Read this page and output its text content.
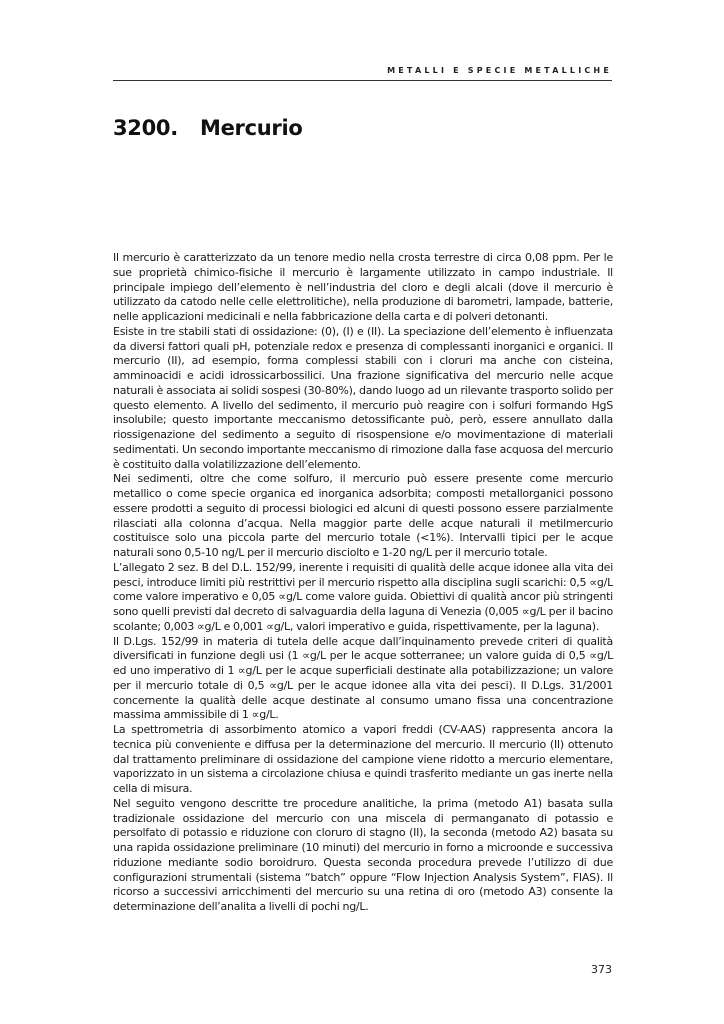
METALLI E SPECIE METALLICHE
3200. Mercurio

Il mercurio è caratterizzato da un tenore medio nella crosta terrestre di circa 0,08 ppm. Per le sue proprietà chimico-fisiche il mercurio è largamente utilizzato in campo industriale. Il principale impiego dell’elemento è nell’industria del cloro e degli alcali (dove il mercurio è utilizzato da catodo nelle celle elettrolitiche), nella produzione di barometri, lampade, batterie, nelle applicazioni medicinali e nella fabbricazione della carta e di polveri detonanti.

Esiste in tre stabili stati di ossidazione: (0), (I) e (II). La speciazione dell’elemento è influenzata da diversi fattori quali pH, potenziale redox e presenza di complessanti inorganici e organici. Il mercurio (II), ad esempio, forma complessi stabili con i cloruri ma anche con cisteina, amminoacidi e acidi idrossicarbossilici. Una frazione significativa del mercurio nelle acque naturali è associata ai solidi sospesi (30-80%), dando luogo ad un rilevante trasporto solido per questo elemento. A livello del sedimento, il mercurio può reagire con i solfuri formando HgS insolubile; questo importante meccanismo detossificante può, però, essere annullato dalla riossigenazione del sedimento a seguito di risospensione e/o movimentazione di materiali sedimentati. Un secondo importante meccanismo di rimozione dalla fase acquosa del mercurio è costituito dalla volatilizzazione dell’elemento.

Nei sedimenti, oltre che come solfuro, il mercurio può essere presente come mercurio metallico o come specie organica ed inorganica adsorbita; composti metallorganici possono essere prodotti a seguito di processi biologici ed alcuni di questi possono essere parzialmente rilasciati alla colonna d’acqua. Nella maggior parte delle acque naturali il metilmercurio costituisce solo una piccola parte del mercurio totale (<1%). Intervalli tipici per le acque naturali sono 0,5-10 ng/L per il mercurio disciolto e 1-20 ng/L per il mercurio totale.

L’allegato 2 sez. B del D.L. 152/99, inerente i requisiti di qualità delle acque idonee alla vita dei pesci, introduce limiti più restrittivi per il mercurio rispetto alla disciplina sugli scarichi: 0,5 ∝g/L come valore imperativo e 0,05 ∝g/L come valore guida. Obiettivi di qualità ancor più stringenti sono quelli previsti dal decreto di salvaguardia della laguna di Venezia (0,005 ∝g/L per il bacino scolante; 0,003 ∝g/L e 0,001 ∝g/L, valori imperativo e guida, rispettivamente, per la laguna).

Il D.Lgs. 152/99 in materia di tutela delle acque dall’inquinamento prevede criteri di qualità diversificati in funzione degli usi (1 ∝g/L per le acque sotterranee; un valore guida di 0,5 ∝g/L ed uno imperativo di 1 ∝g/L per le acque superficiali destinate alla potabilizzazione; un valore per il mercurio totale di 0,5 ∝g/L per le acque idonee alla vita dei pesci). Il D.Lgs. 31/2001 concernente la qualità delle acque destinate al consumo umano fissa una concentrazione massima ammissibile di 1 ∝g/L.

La spettrometria di assorbimento atomico a vapori freddi (CV-AAS) rappresenta ancora la tecnica più conveniente e diffusa per la determinazione del mercurio. Il mercurio (II) ottenuto dal trattamento preliminare di ossidazione del campione viene ridotto a mercurio elementare, vaporizzato in un sistema a circolazione chiusa e quindi trasferito mediante un gas inerte nella cella di misura.

Nel seguito vengono descritte tre procedure analitiche, la prima (metodo A1) basata sulla tradizionale ossidazione del mercurio con una miscela di permanganato di potassio e persolfato di potassio e riduzione con cloruro di stagno (II), la seconda (metodo A2) basata su una rapida ossidazione preliminare (10 minuti) del mercurio in forno a microonde e successiva riduzione mediante sodio boroidruro. Questa seconda procedura prevede l’utilizzo di due configurazioni strumentali (sistema “batch” oppure “Flow Injection Analysis System”, FIAS). Il ricorso a successivi arricchimenti del mercurio su una retina di oro (metodo A3) consente la determinazione dell’analita a livelli di pochi ng/L.

373
